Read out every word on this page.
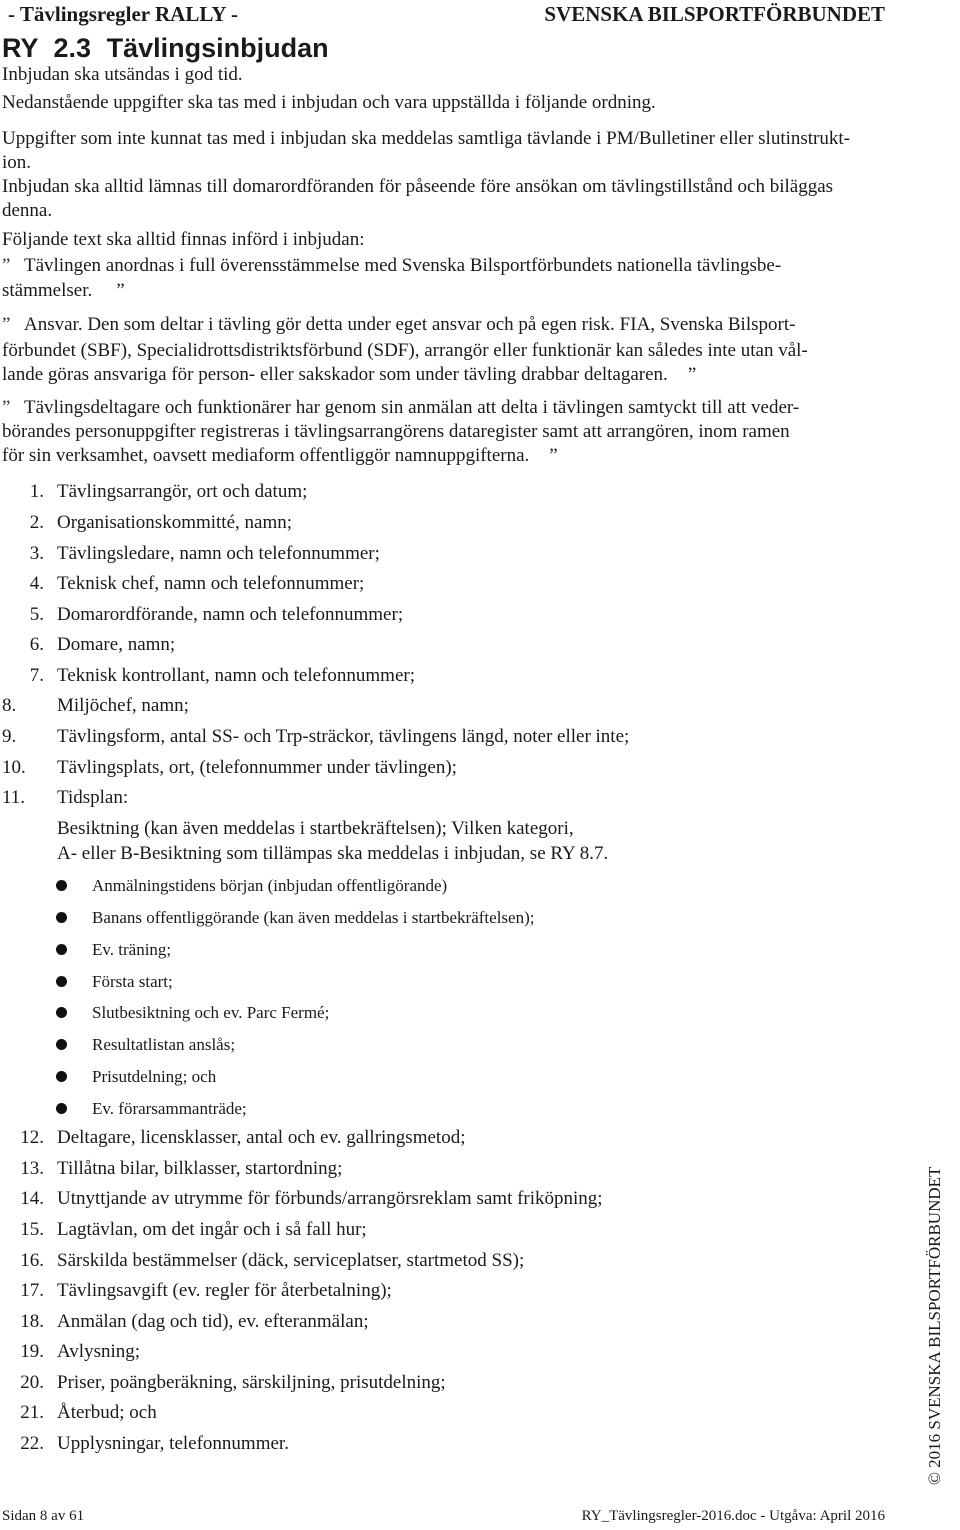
- Tävlingsregler RALLY -	SVENSKA BILSPORTFÖRBUNDET
RY 2.3 Tävlingsinbjudan
Inbjudan ska utsändas i god tid.
Nedanstående uppgifter ska tas med i inbjudan och vara uppställda i följande ordning.
Uppgifter som inte kunnat tas med i inbjudan ska meddelas samtliga tävlande i PM/Bulletiner eller slutinstrukt-
ion.
Inbjudan ska alltid lämnas till domarordföranden för påseende före ansökan om tävlingstillstånd och biläggas
denna.
Följande text ska alltid finnas införd i inbjudan:
” Tävlingen anordnas i full överensstämmelse med Svenska Bilsportförbundets nationella tävlingsbe-
stämmelser. ”
” Ansvar. Den som deltar i tävling gör detta under eget ansvar och på egen risk. FIA, Svenska Bilsport-
förbundet (SBF), Specialidrottsdistriktsförbund (SDF), arrangör eller funktionär kan således inte utan vål-
lande göras ansvariga för person- eller sakskador som under tävling drabbar deltagaren. ”
” Tävlingsdeltagare och funktionärer har genom sin anmälan att delta i tävlingen samtyckt till att veder-
börandes personuppgifter registreras i tävlingsarrangörens dataregister samt att arrangören, inom ramen
för sin verksamhet, oavsett mediaform offentliggör namnuppgifterna. ”
1. Tävlingsarrangör, ort och datum;
2. Organisationskommitté, namn;
3. Tävlingsledare, namn och telefonnummer;
4. Teknisk chef, namn och telefonnummer;
5. Domarordförande, namn och telefonnummer;
6. Domare, namn;
7. Teknisk kontrollant, namn och telefonnummer;
8. Miljöchef, namn;
9. Tävlingsform, antal SS- och Trp-sträckor, tävlingens längd, noter eller inte;
10. Tävlingsplats, ort, (telefonnummer under tävlingen);
11. Tidsplan:
Besiktning (kan även meddelas i startbekräftelsen); Vilken kategori,
A- eller B-Besiktning som tillämpas ska meddelas i inbjudan, se RY 8.7.
Anmälningstidens början (inbjudan offentligörande)
Banans offentliggörande (kan även meddelas i startbekräftelsen);
Ev. träning;
Första start;
Slutbesiktning och ev. Parc Fermé;
Resultatlistan anslås;
Prisutdelning; och
Ev. förarsammanträde;
12. Deltagare, licensklasser, antal och ev. gallringsmetod;
13. Tillåtna bilar, bilklasser, startordning;
14. Utnyttjande av utrymme för förbunds/arrangörsreklam samt friköpning;
15. Lagtävlan, om det ingår och i så fall hur;
16. Särskilda bestämmelser (däck, serviceplatser, startmetod SS);
17. Tävlingsavgift (ev. regler för återbetalning);
18. Anmälan (dag och tid), ev. efteranmälan;
19. Avlysning;
20. Priser, poängberäkning, särskiljning, prisutdelning;
21. Återbud; och
22. Upplysningar, telefonnummer.	© 2016 SVENSKA BILSPORTFÖRBUNDET
Sidan 8 av 61	RY_Tävlingsregler-2016.doc - Utgåva: April 2016
